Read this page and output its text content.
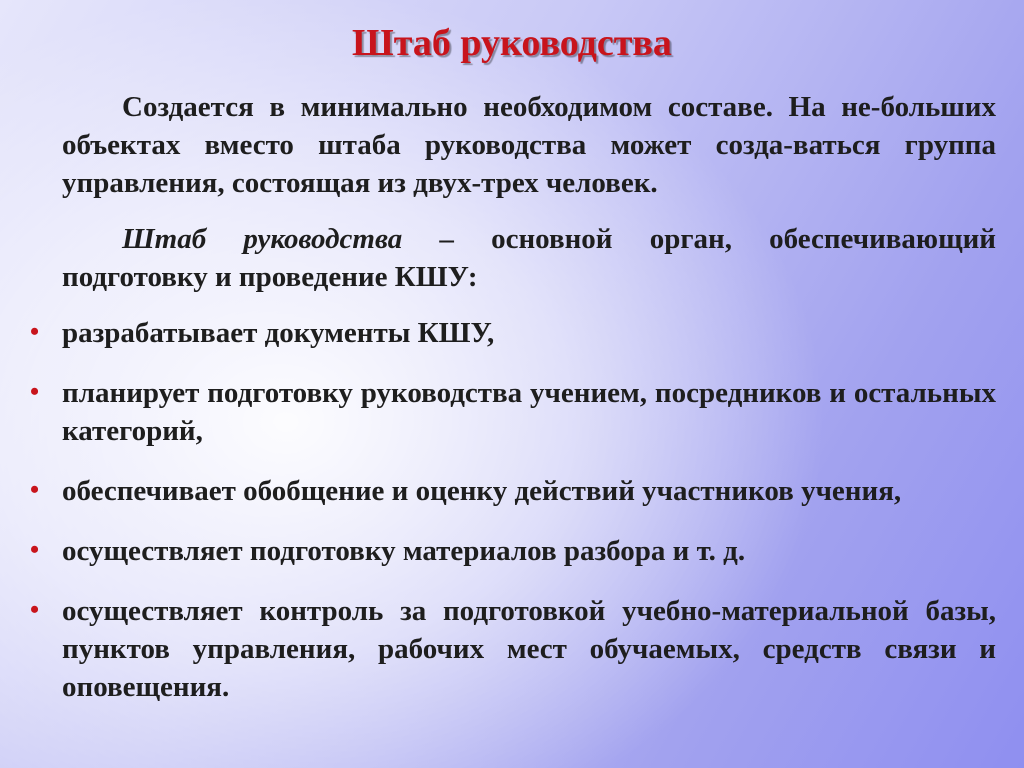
Штаб руководства

Создается в минимально необходимом составе. На не-больших объектах вместо штаба руководства может созда-ваться группа управления, состоящая из двух-трех человек.

Штаб руководства – основной орган, обеспечивающий подготовку и проведение КШУ:

• разрабатывает документы КШУ,
• планирует подготовку руководства учением, посредников и остальных категорий,
• обеспечивает обобщение и оценку действий участников учения,
• осуществляет подготовку материалов разбора и т. д.
• осуществляет контроль за подготовкой учебно-материальной базы, пунктов управления, рабочих мест обучаемых, средств связи и оповещения.
